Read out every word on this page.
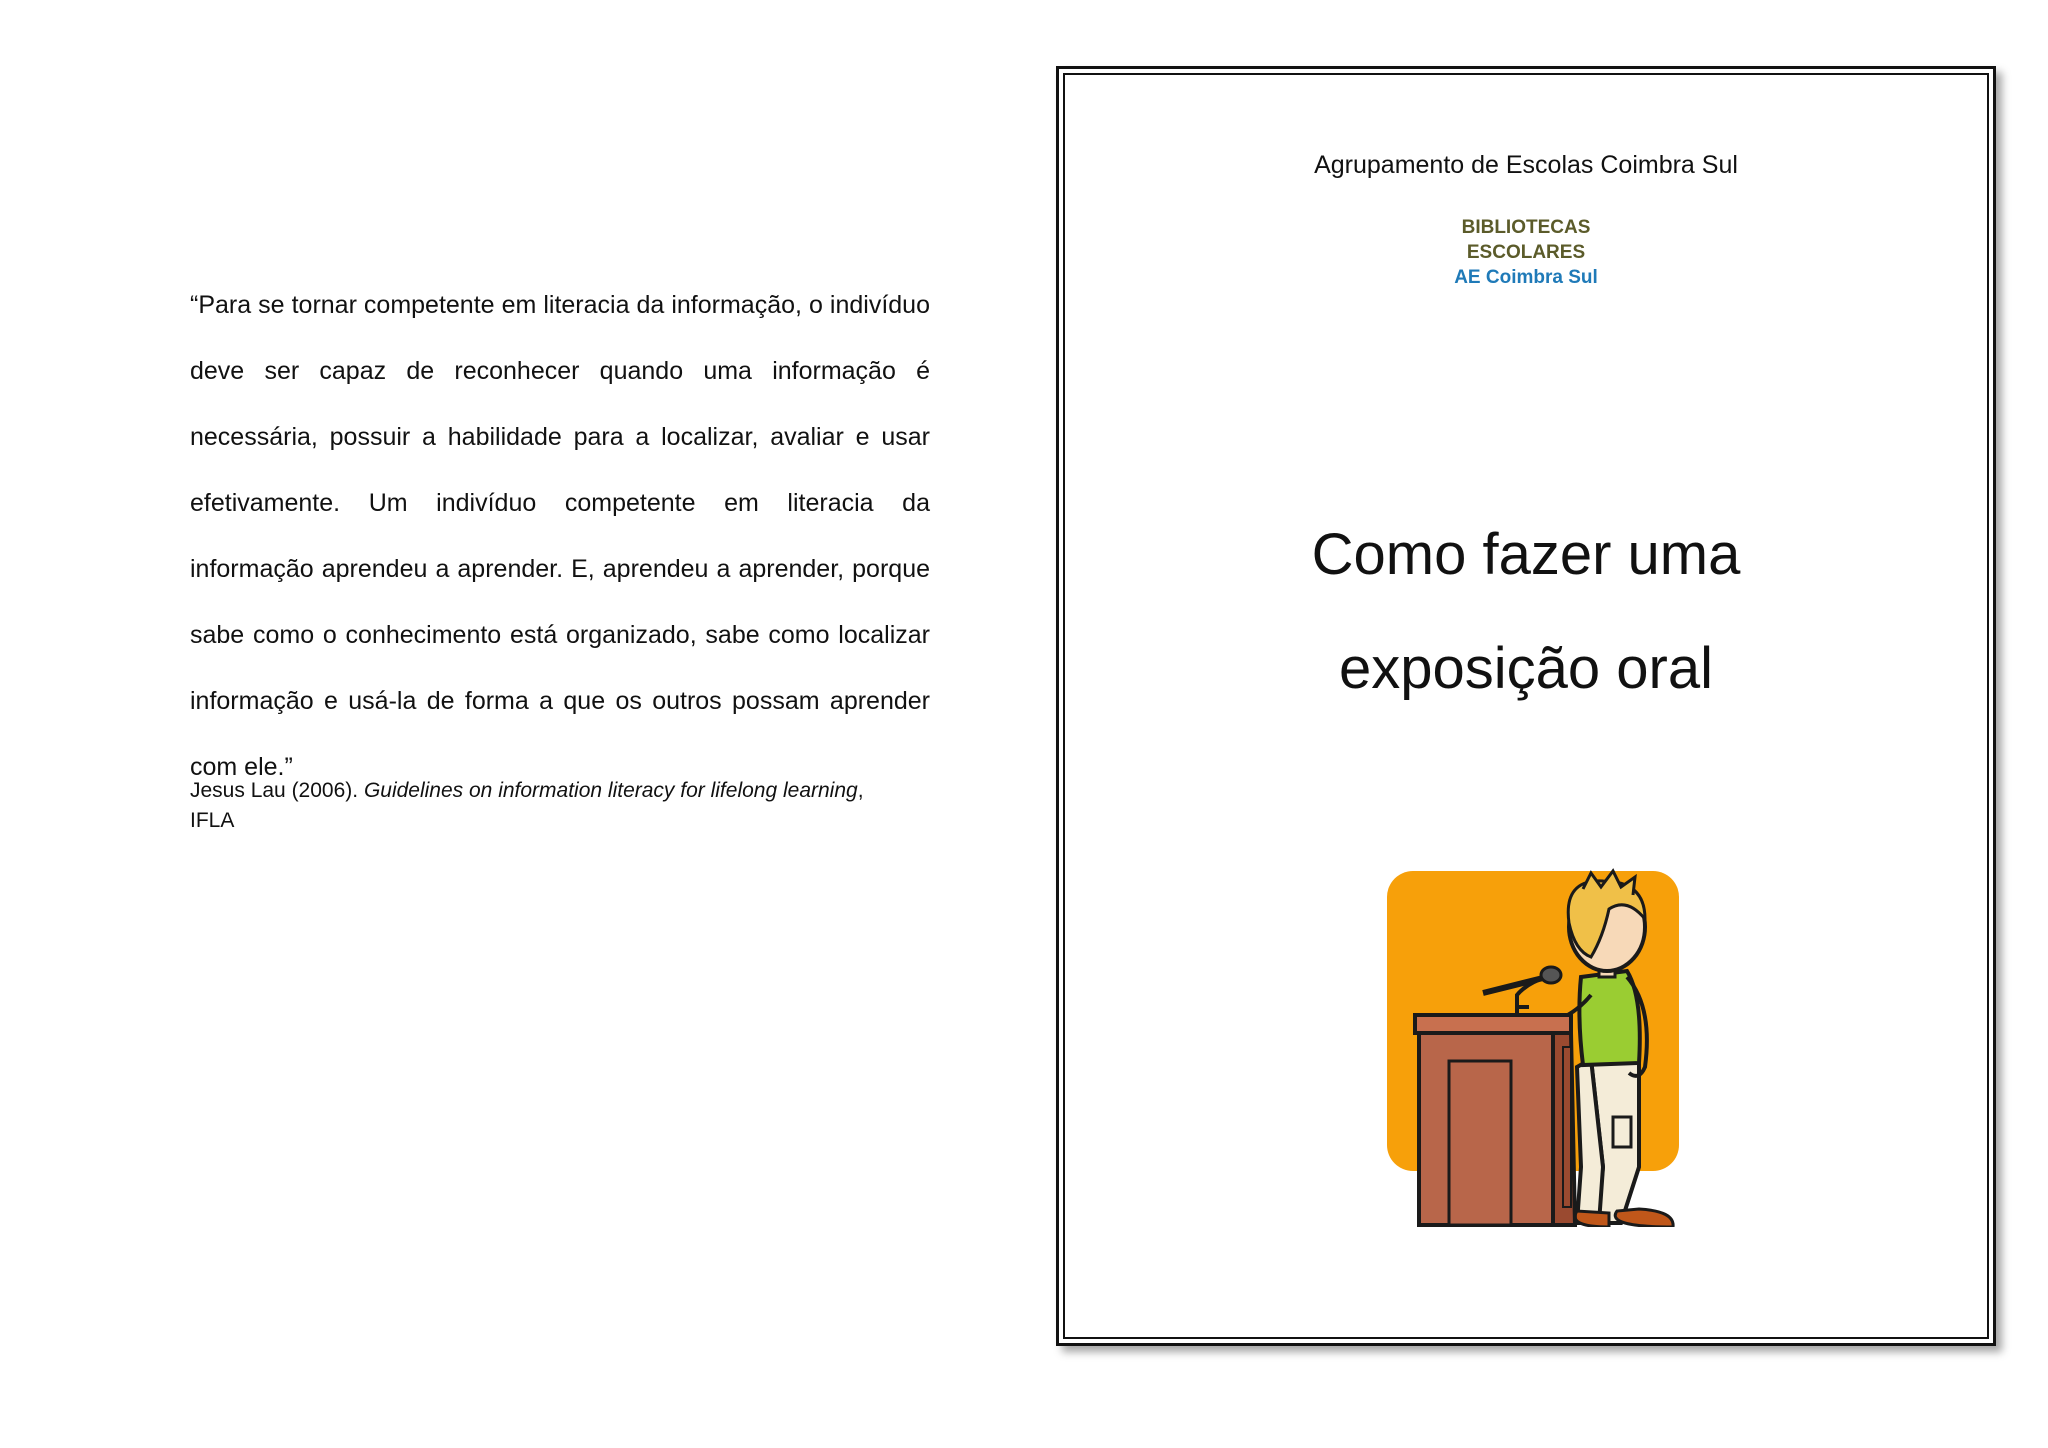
“Para se tornar competente em literacia da informação, o indivíduo deve ser capaz de reconhecer quando uma informação é necessária, possuir a habilidade para a localizar, avaliar e usar efetivamente. Um indivíduo competente em literacia da informação aprendeu a aprender. E, aprendeu a aprender, porque sabe como o conhecimento está organizado, sabe como localizar informação e usá-la de forma a que os outros possam aprender com ele.”

Jesus Lau (2006). Guidelines on information literacy for lifelong learning,
IFLA
Agrupamento de Escolas Coimbra Sul
BIBLIOTECAS
ESCOLARES
AE Coimbra Sul
Como fazer uma
exposição oral
